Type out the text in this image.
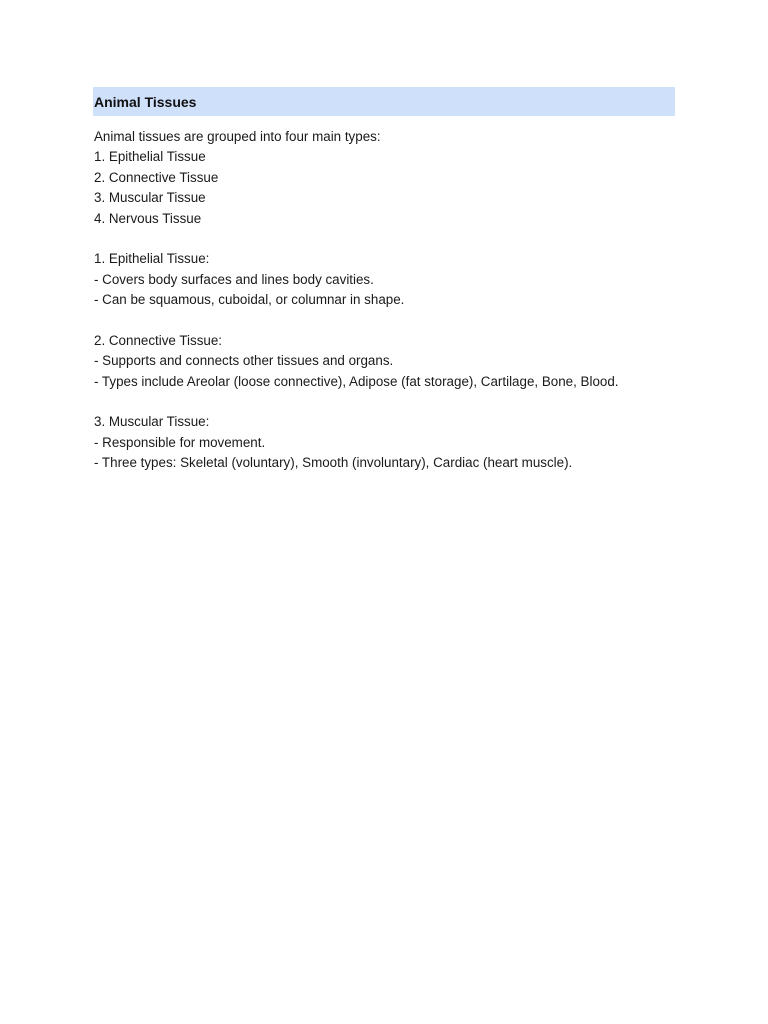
Animal Tissues
Animal tissues are grouped into four main types:
1. Epithelial Tissue
2. Connective Tissue
3. Muscular Tissue
4. Nervous Tissue
1. Epithelial Tissue:
- Covers body surfaces and lines body cavities.
- Can be squamous, cuboidal, or columnar in shape.
2. Connective Tissue:
- Supports and connects other tissues and organs.
- Types include Areolar (loose connective), Adipose (fat storage), Cartilage, Bone, Blood.
3. Muscular Tissue:
- Responsible for movement.
- Three types: Skeletal (voluntary), Smooth (involuntary), Cardiac (heart muscle).
